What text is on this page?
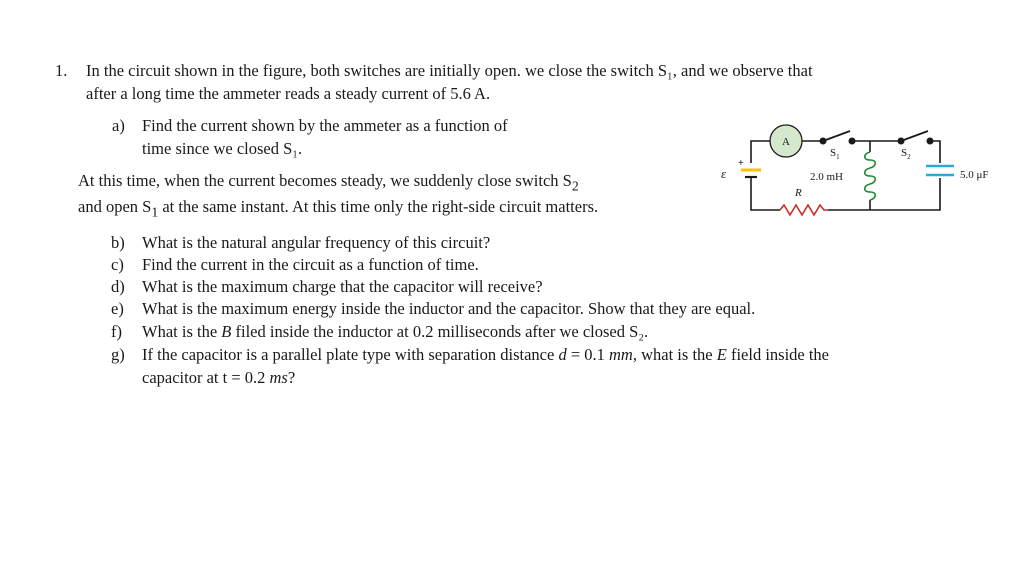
1. In the circuit shown in the figure, both switches are initially open. we close the switch S₁, and we observe that
after a long time the ammeter reads a steady current of 5.6 A.
a)	Find the current shown by the ammeter as a function of
time since we closed S₁.
At this time, when the current becomes steady, we suddenly close switch $S_2$
and open $S_1$ at the same instant. At this time only the right-side circuit matters.
b)	What is the natural angular frequency of this circuit?
c)	Find the current in the circuit as a function of time.
d)	What is the maximum charge that the capacitor will receive?
e)	What is the maximum energy inside the inductor and the capacitor. Show that they are equal.
f)	What is the B filed inside the inductor at 0.2 milliseconds after we closed S₂.
g)	If the capacitor is a parallel plate type with separation distance d = 0.1 mm, what is the E field inside the
capacitor at t = 0.2 ms?
A
$S_1$	$S_2$
+
ε	2.0 mH	5.0 μF
R
